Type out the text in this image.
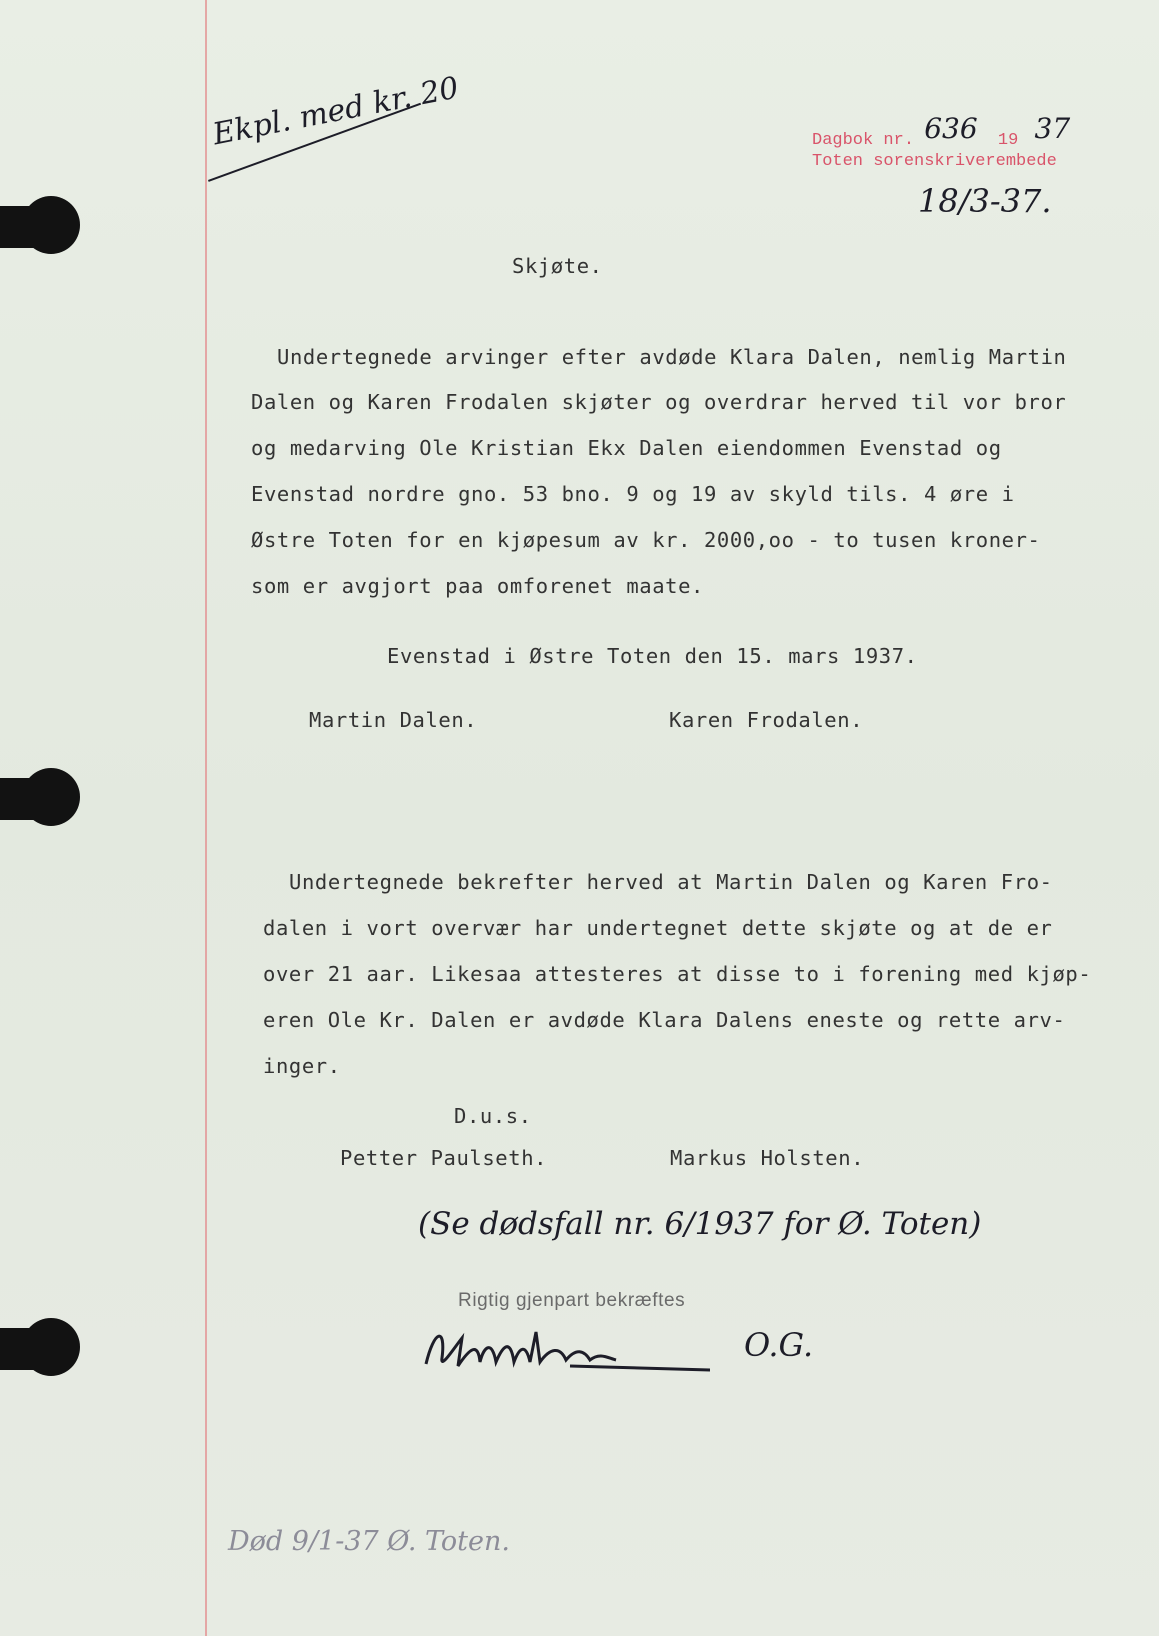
Ekpl. med kr. 20	Dagbok nr. 636 19 37
Toten sorenskriverembede
18/3-37.
Skjøte.
Undertegnede arvinger efter avdøde Klara Dalen, nemlig Martin
Dalen og Karen Frodalen skjøter og overdrar herved til vor bror
og medarving Ole Kristian Ekx Dalen eiendommen Evenstad og
Evenstad nordre gno. 53 bno. 9 og 19 av skyld tils. 4 øre i
Østre Toten for en kjøpesum av kr. 2000,oo - to tusen kroner-
som er avgjort paa omforenet maate.
Evenstad i Østre Toten den 15. mars 1937.
Martin Dalen.	Karen Frodalen.
Undertegnede bekrefter herved at Martin Dalen og Karen Fro-
dalen i vort overvær har undertegnet dette skjøte og at de er
over 21 aar. Likesaa attesteres at disse to i forening med kjøp-
eren Ole Kr. Dalen er avdøde Klara Dalens eneste og rette arv-
inger.
D.u.s.
Petter Paulseth.	Markus Holsten.
(Se dødsfall nr. 6/1937 for Ø. Toten)
Rigtig gjenpart bekræftes
O.G.
Død 9/1-37 Ø. Toten.
